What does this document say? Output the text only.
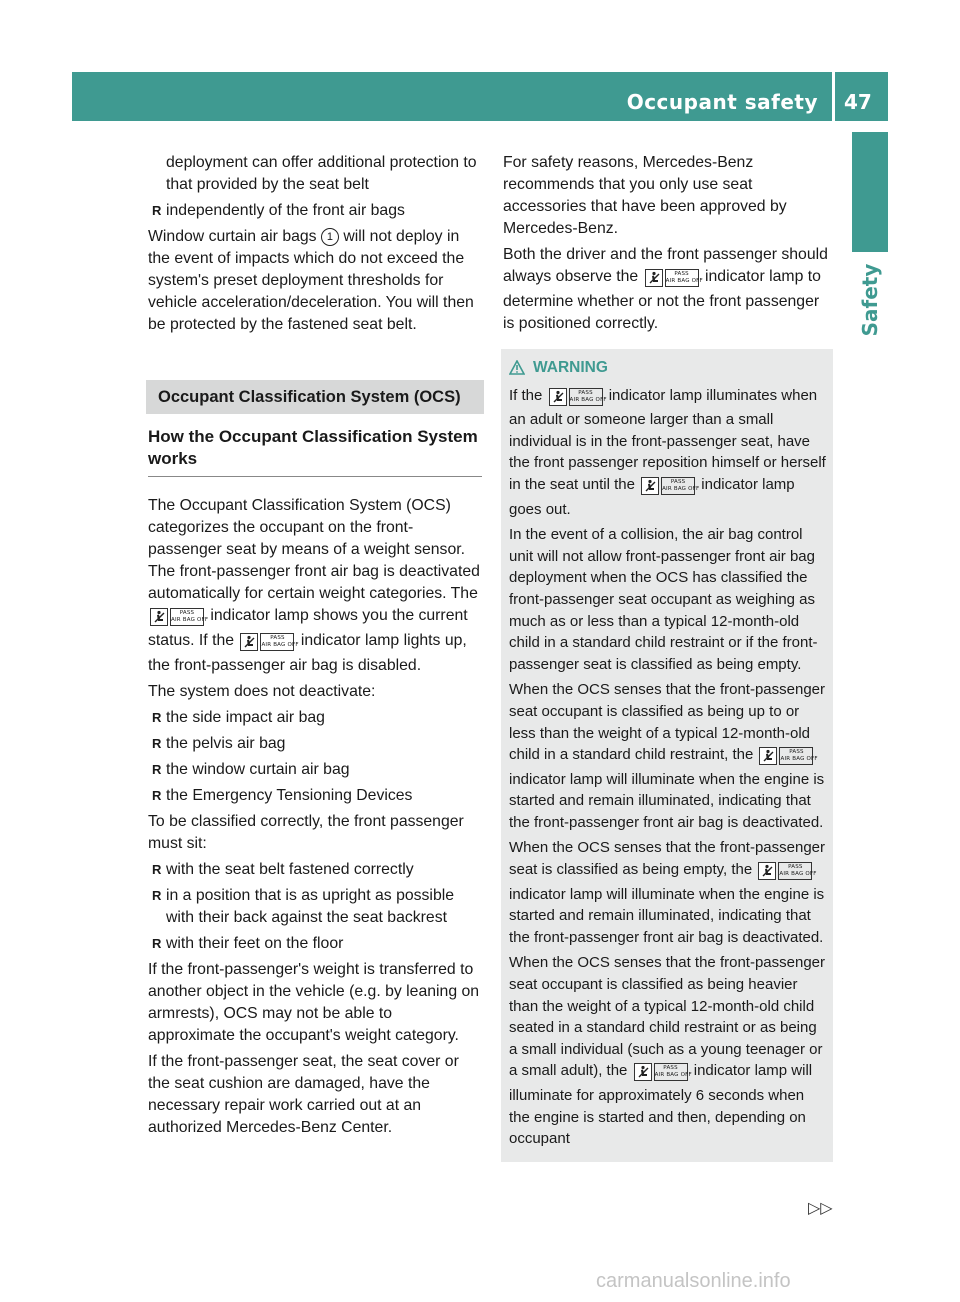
Occupant safety 47
Safety
deployment can offer additional protection to that provided by the seat belt
R independently of the front air bags

Window curtain air bags 1 will not deploy in the event of impacts which do not exceed the system's preset deployment thresholds for vehicle acceleration/deceleration. You will then be protected by the fastened seat belt.

Occupant Classification System (OCS)
How the Occupant Classification System works

The Occupant Classification System (OCS) categorizes the occupant on the front-passenger seat by means of a weight sensor. The front-passenger front air bag is deactivated automatically for certain weight categories. The
PASS
AIR BAG OFF indicator lamp shows you the current status. If the	PASS
AIR BAG OFF indicator lamp lights up, the front-passenger air bag is disabled.

The system does not deactivate:

R the side impact air bag
R the pelvis air bag
R the window curtain air bag
R the Emergency Tensioning Devices

To be classified correctly, the front passenger must sit:

R with the seat belt fastened correctly
R in a position that is as upright as possible with their back against the seat backrest
R with their feet on the floor

If the front-passenger's weight is transferred to another object in the vehicle (e.g. by leaning on armrests), OCS may not be able to approximate the occupant's weight category.

If the front-passenger seat, the seat cover or the seat cushion are damaged, have the necessary repair work carried out at an authorized Mercedes-Benz Center.

For safety reasons, Mercedes-Benz recommends that you only use seat accessories that have been approved by Mercedes-Benz.

Both the driver and the front passenger should always observe the	PASS
AIR BAG OFF indicator lamp to determine whether or not the front passenger is positioned correctly.

WARNING

If the	PASS
AIR BAG OFF indicator lamp illuminates when an adult or someone larger than a small individual is in the front-passenger seat, have the front passenger reposition himself or herself in the seat until the	PASS
AIR BAG OFF indicator lamp goes out.

In the event of a collision, the air bag control unit will not allow front-passenger front air bag deployment when the OCS has classified the front-passenger seat occupant as weighing as much as or less than a typical 12-month-old child in a standard child restraint or if the front-passenger seat is classified as being empty.

When the OCS senses that the front-passenger seat occupant is classified as being up to or less than the weight of a typical 12-month-old child in a standard child restraint, the	PASS
AIR BAG OFF indicator lamp will illuminate when the engine is started and remain illuminated, indicating that the front-passenger front air bag is deactivated.

When the OCS senses that the front-passenger seat is classified as being empty, the	PASS
AIR BAG OFF indicator lamp will illuminate when the engine is started and remain illuminated, indicating that the front-passenger front air bag is deactivated.

When the OCS senses that the front-passenger seat occupant is classified as being heavier than the weight of a typical 12-month-old child seated in a standard child restraint or as being a small individual (such as a young teenager or a small adult), the	PASS
AIR BAG OFF indicator lamp will illuminate for approximately 6 seconds when the engine is started and then, depending on occupant

▷▷
carmanualsonline.info
